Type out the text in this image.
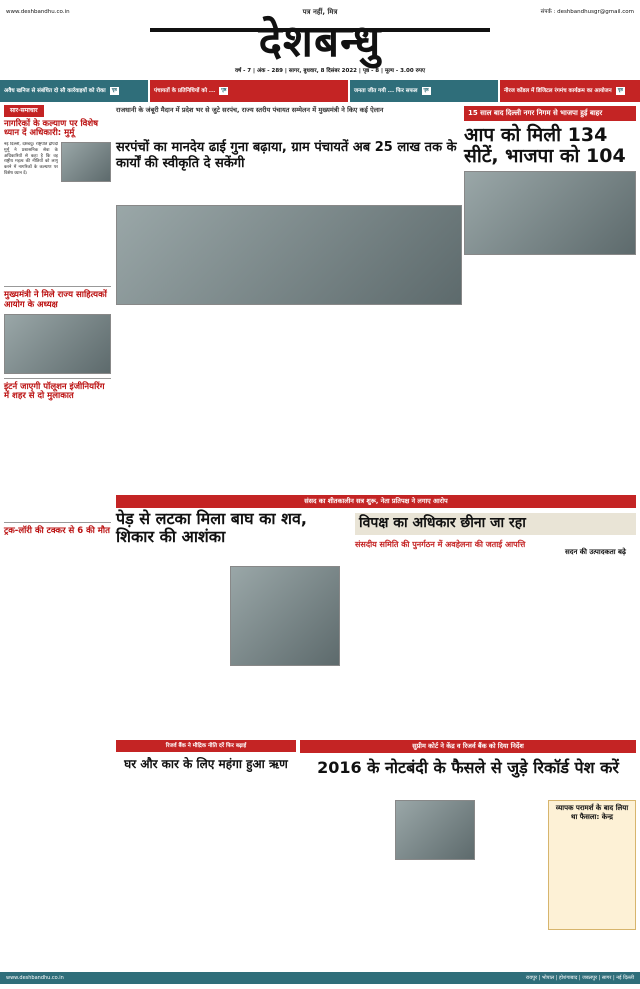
www.deshbandhu.co.in	पत्र नहीं, मित्र	संपर्क : deshbandhusgr@gmail.com
देशबन्धु
वर्ष - 7 | अंक - 289 | सागर, बुधवार, 8 दिसंबर 2022 | पृष्ठ - 8 | मूल्य - 3.00 रुपए
अवैध खनिज से संबंधित दो सौ कार्रवाइयों को रोका	पृष्ठ	पंचायतों के प्रतिनिधियों को ...	पृष्ठ	जनता जीत गयी ... फिर सफल	पृष्ठ	नीरज कोंडल में डिजिटल रंगमंच कार्यक्रम का आयोजन	पृष्ठ
सार-समाचार
नागरिकों के कल्याण पर विशेष ध्यान दें अधिकारी: मुर्मू
नई दिल्ली, देशबंधु। राष्ट्रपति द्रौपदी मुर्मू ने प्रशासनिक सेवा के अधिकारियों से कहा है कि वह राष्ट्रीय महत्व की नीतियों को लागू करने में नागरिकों के कल्याण पर विशेष ध्यान दें।
मुख्यमंत्री ने मिले राज्य साहित्यकों आयोग के अध्यक्ष
इंटर्न जाएगी पॉलूशन इंजीनियरिंग में शहर से दो मुलाकात
ट्रक-लॉरी की टक्कर से 6 की मौत
राजधानी के जंबूरी मैदान में प्रदेश भर से जुटे सरपंच, राज्य स्तरीय पंचायत सम्मेलन में मुख्यमंत्री ने किए कई ऐलान
सरपंचों का मानदेय ढाई गुना बढ़ाया, ग्राम पंचायतें अब 25 लाख तक के कार्यों की स्वीकृति दे सकेंगी
15 साल बाद दिल्ली नगर निगम से भाजपा हुई बाहर
आप को मिली 134 सीटें, भाजपा को 104
संसद का शीतकालीन सत्र शुरू, नेता प्रतिपक्ष ने लगाए आरोप
पेड़ से लटका मिला बाघ का शव, शिकार की आशंका
विपक्ष का अधिकार छीना जा रहा
संसदीय समिति की पुनर्गठन में अवहेलना की जताई आपत्ति
सदन की उत्पादकता बढ़े
रिजर्व बैंक ने मौद्रिक नीति दरें फिर बढ़ाई
घर और कार के लिए महंगा हुआ ऋण
सुप्रीम कोर्ट ने केंद्र व रिजर्व बैंक को दिया निर्देश
2016 के नोटबंदी के फैसले से जुड़े रिकॉर्ड पेश करें
व्यापक परामर्श के बाद लिया था फैसला: केन्द्र
www.deshbandhu.co.in	रायपुर | भोपाल | होशंगाबाद | जबलपुर | सागर | नई दिल्ली
